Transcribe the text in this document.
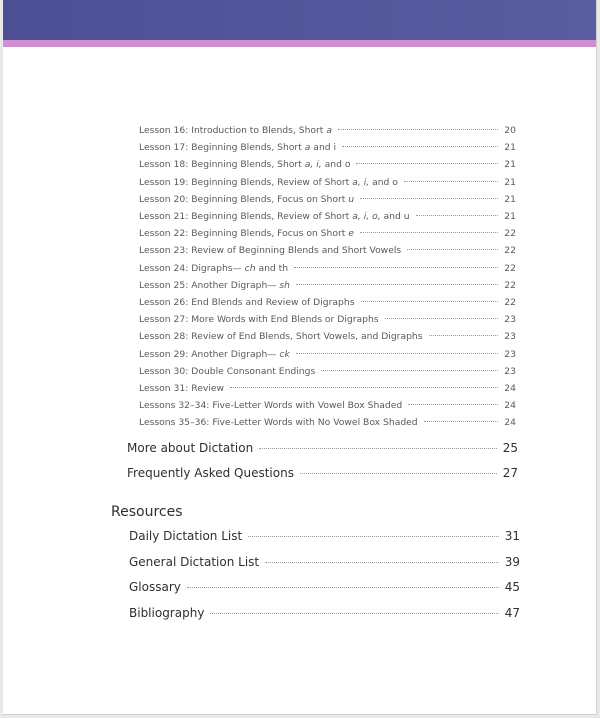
Lesson 16: Introduction to Blends, Short a	20
Lesson 17: Beginning Blends, Short a and i	21
Lesson 18: Beginning Blends, Short a, i, and o	21
Lesson 19: Beginning Blends, Review of Short a, i, and o	21
Lesson 20: Beginning Blends, Focus on Short u	21
Lesson 21: Beginning Blends, Review of Short a, i, o, and u	21
Lesson 22: Beginning Blends, Focus on Short e	22
Lesson 23: Review of Beginning Blends and Short Vowels	22
Lesson 24: Digraphs— ch and th	22
Lesson 25: Another Digraph— sh	22
Lesson 26: End Blends and Review of Digraphs	22
Lesson 27: More Words with End Blends or Digraphs	23
Lesson 28: Review of End Blends, Short Vowels, and Digraphs	23
Lesson 29: Another Digraph— ck	23
Lesson 30: Double Consonant Endings	23
Lesson 31: Review	24
Lessons 32–34: Five-Letter Words with Vowel Box Shaded	24
Lessons 35–36: Five-Letter Words with No Vowel Box Shaded	24
More about Dictation	25
Frequently Asked Questions	27
Resources
Daily Dictation List	31
General Dictation List	39
Glossary	45
Bibliography	47
